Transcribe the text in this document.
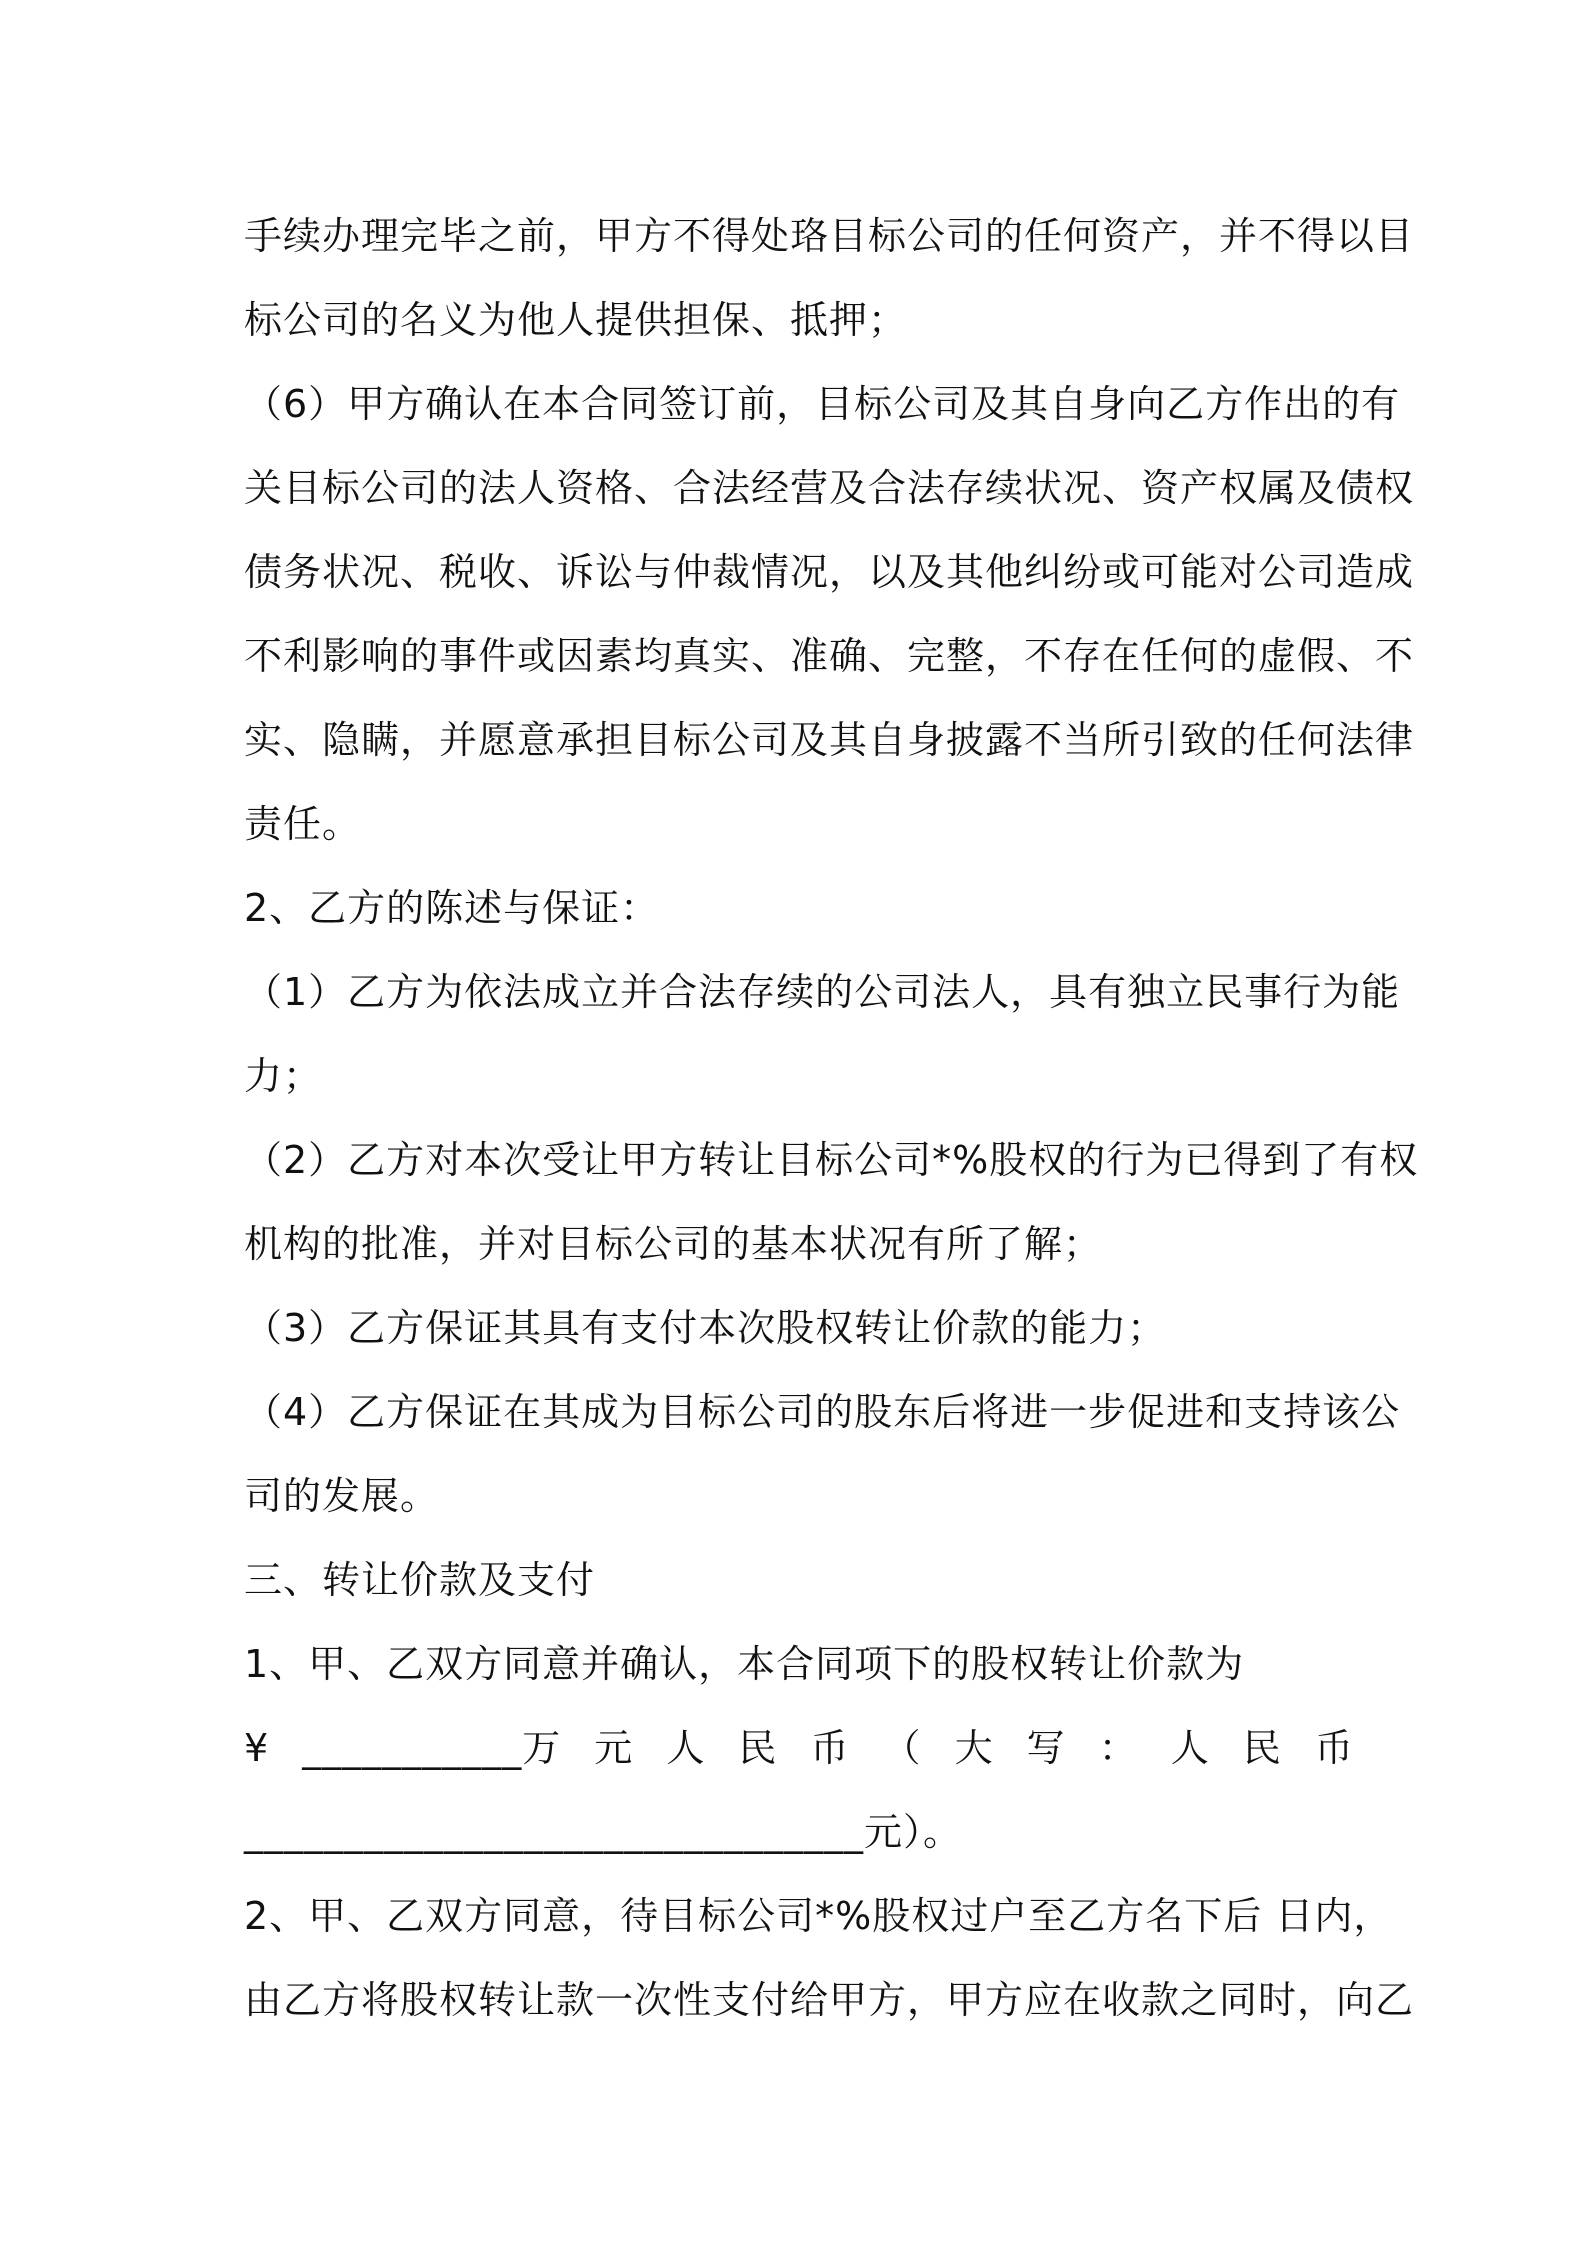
手续办理完毕之前，甲方不得处珞目标公司的任何资产，并不得以目
标公司的名义为他人提供担保、抵押；
（6）甲方确认在本合同签订前，目标公司及其自身向乙方作出的有
关目标公司的法人资格、合法经营及合法存续状况、资产权属及债权
债务状况、税收、诉讼与仲裁情况，以及其他纠纷或可能对公司造成
不利影响的事件或因素均真实、准确、完整，不存在任何的虚假、不
实、隐瞒，并愿意承担目标公司及其自身披露不当所引致的任何法律
责任。
2、乙方的陈述与保证：
（1）乙方为依法成立并合法存续的公司法人，具有独立民事行为能
力；
（2）乙方对本次受让甲方转让目标公司*%股权的行为已得到了有权
机构的批准，并对目标公司的基本状况有所了解；
（3）乙方保证其具有支付本次股权转让价款的能力；
（4）乙方保证在其成为目标公司的股东后将进一步促进和支持该公
司的发展。
三、转让价款及支付
1、甲、乙双方同意并确认，本合同项下的股权转让价款为
¥ ___________万 元 人 民 币 （ 大 写 ： 人 民 币
_______________________________元）。
2、甲、乙双方同意，待目标公司*%股权过户至乙方名下后 日内，
由乙方将股权转让款一次性支付给甲方，甲方应在收款之同时，向乙
